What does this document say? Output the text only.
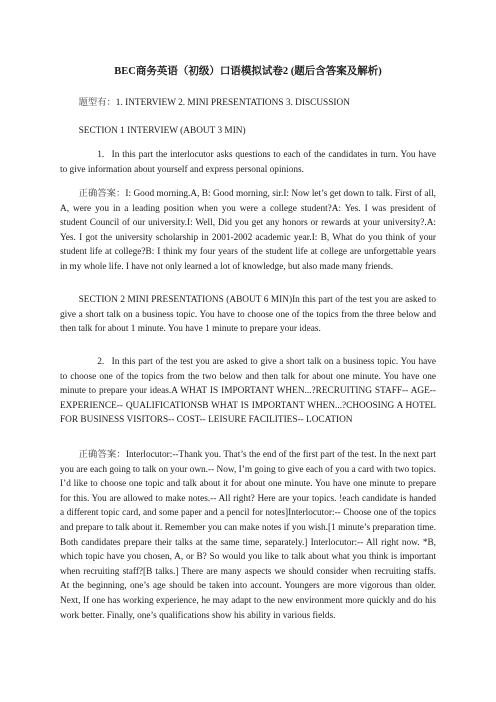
BEC商务英语（初级）口语模拟试卷2 (题后含答案及解析)

题型有：1. INTERVIEW 2. MINI PRESENTATIONS 3. DISCUSSION

SECTION 1 INTERVIEW (ABOUT 3 MIN)

1. In this part the interlocutor asks questions to each of the candidates in turn. You have to give information about yourself and express personal opinions.

正确答案：I: Good morning.A, B: Good morning, sir.I: Now let’s get down to talk. First of all, A, were you in a leading position when you were a college student?A: Yes. I was president of student Council of our university.I: Well, Did you get any honors or rewards at your university?.A: Yes. I got the university scholarship in 2001-2002 academic year.I: B, What do you think of your student life at college?B: I think my four years of the student life at college are unforgettable years in my whole life. I have not only learned a lot of knowledge, but also made many friends.

SECTION 2 MINI PRESENTATIONS (ABOUT 6 MIN)In this part of the test you are asked to give a short talk on a business topic. You have to choose one of the topics from the three below and then talk for about 1 minute. You have 1 minute to prepare your ideas.

2. In this part of the test you are asked to give a short talk on a business topic. You have to choose one of the topics from the two below and then talk for about one minute. You have one minute to prepare your ideas.A WHAT IS IMPORTANT WHEN...?RECRUITING STAFF-- AGE-- EXPERIENCE-- QUALIFICATIONSB WHAT IS IMPORTANT WHEN...?CHOOSING A HOTEL FOR BUSINESS VISITORS-- COST-- LEISURE FACILITIES-- LOCATION

正确答案：Interlocutor:--Thank you. That’s the end of the first part of the test. In the next part you are each going to talk on your own.-- Now, I’m going to give each of you a card with two topics. I’d like to choose one topic and talk about it for about one minute. You have one minute to prepare for this. You are allowed to make notes.-- All right? Here are your topics. !each candidate is handed a different topic card, and some paper and a pencil for notes]Interlocutor:-- Choose one of the topics and prepare to talk about it. Remember you can make notes if you wish.[1 minute’s preparation time. Both candidates prepare their talks at the same time, separately.] Interlocutor:-- All right now. *B, which topic have you chosen, A, or B? So would you like to talk about what you think is important when recruiting staff?[B talks.] There are many aspects we should consider when recruiting staffs. At the beginning, one’s age should be taken into account. Youngers are more vigorous than older. Next, If one has working experience, he may adapt to the new environment more quickly and do his work better. Finally, one’s qualifications show his ability in various fields.
